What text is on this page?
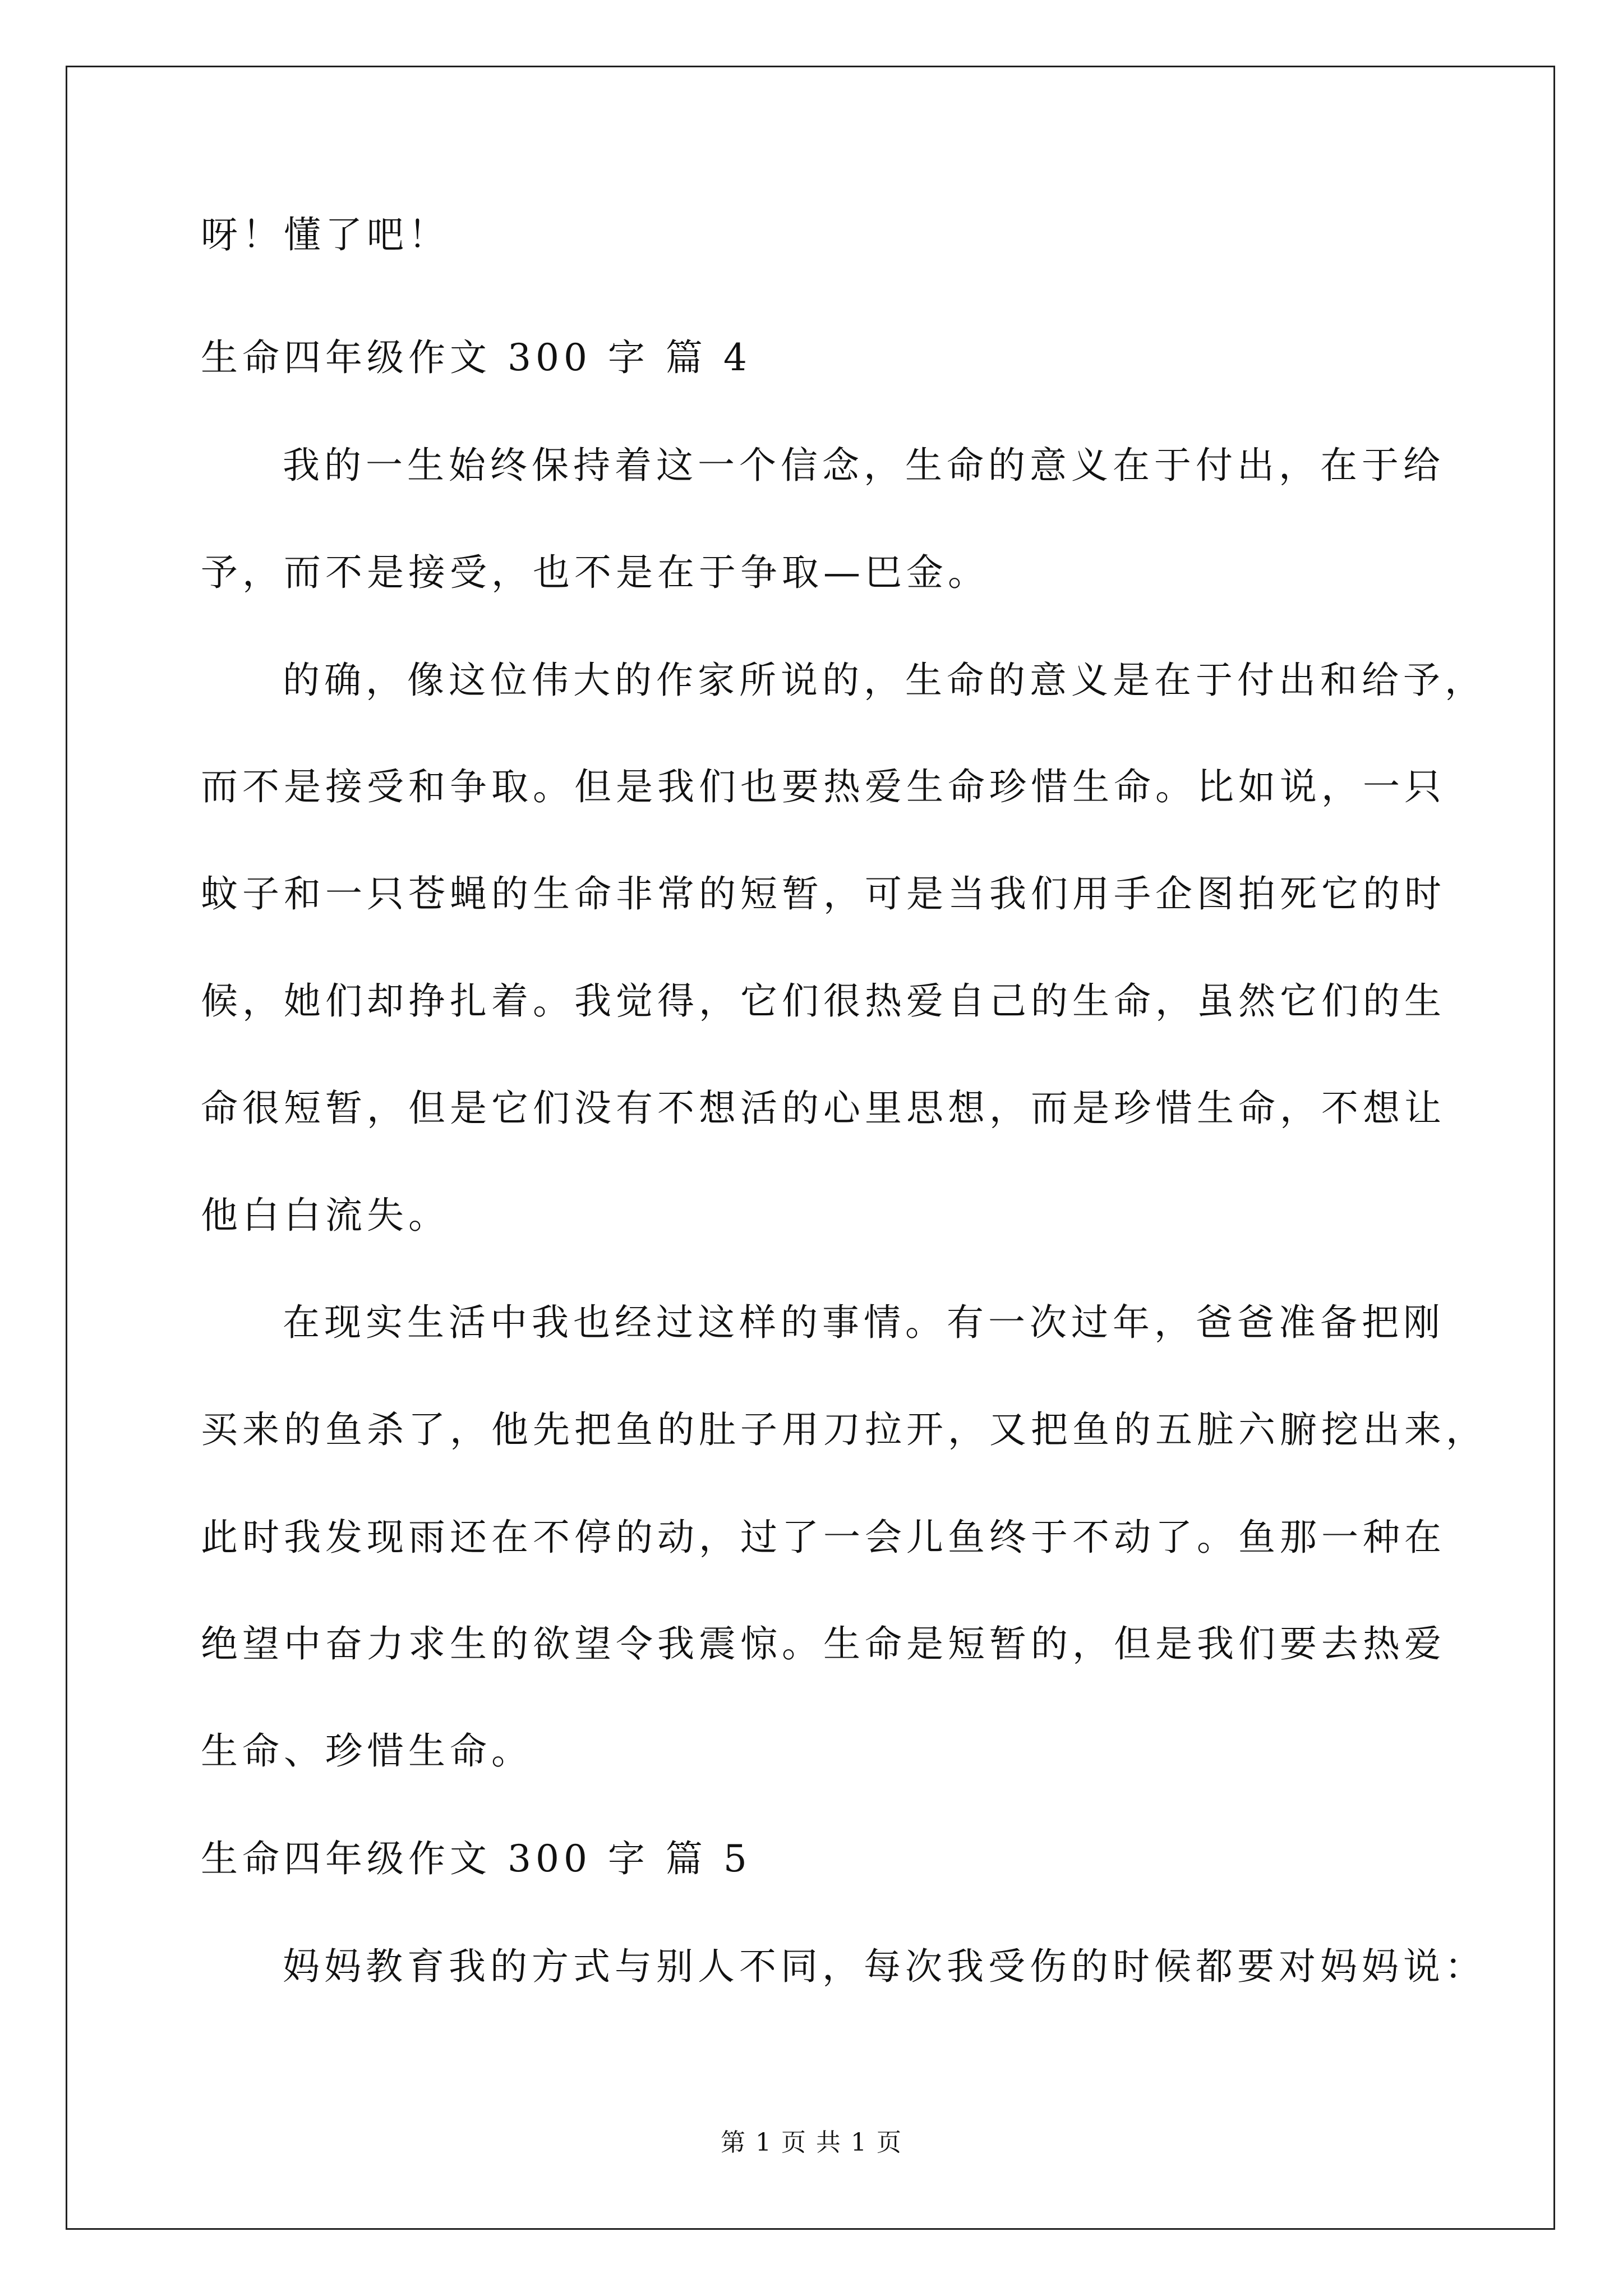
呀！懂了吧！
生命四年级作文 300 字 篇 4
我的一生始终保持着这一个信念，生命的意义在于付出，在于给
予，而不是接受，也不是在于争取—巴金。
的确，像这位伟大的作家所说的，生命的意义是在于付出和给予，
而不是接受和争取。但是我们也要热爱生命珍惜生命。比如说，一只
蚊子和一只苍蝇的生命非常的短暂，可是当我们用手企图拍死它的时
候，她们却挣扎着。我觉得，它们很热爱自己的生命，虽然它们的生
命很短暂，但是它们没有不想活的心里思想，而是珍惜生命，不想让
他白白流失。
在现实生活中我也经过这样的事情。有一次过年，爸爸准备把刚
买来的鱼杀了，他先把鱼的肚子用刀拉开，又把鱼的五脏六腑挖出来，
此时我发现雨还在不停的动，过了一会儿鱼终于不动了。鱼那一种在
绝望中奋力求生的欲望令我震惊。生命是短暂的，但是我们要去热爱
生命、珍惜生命。
生命四年级作文 300 字 篇 5
妈妈教育我的方式与别人不同，每次我受伤的时候都要对妈妈说：
第 1 页 共 1 页
